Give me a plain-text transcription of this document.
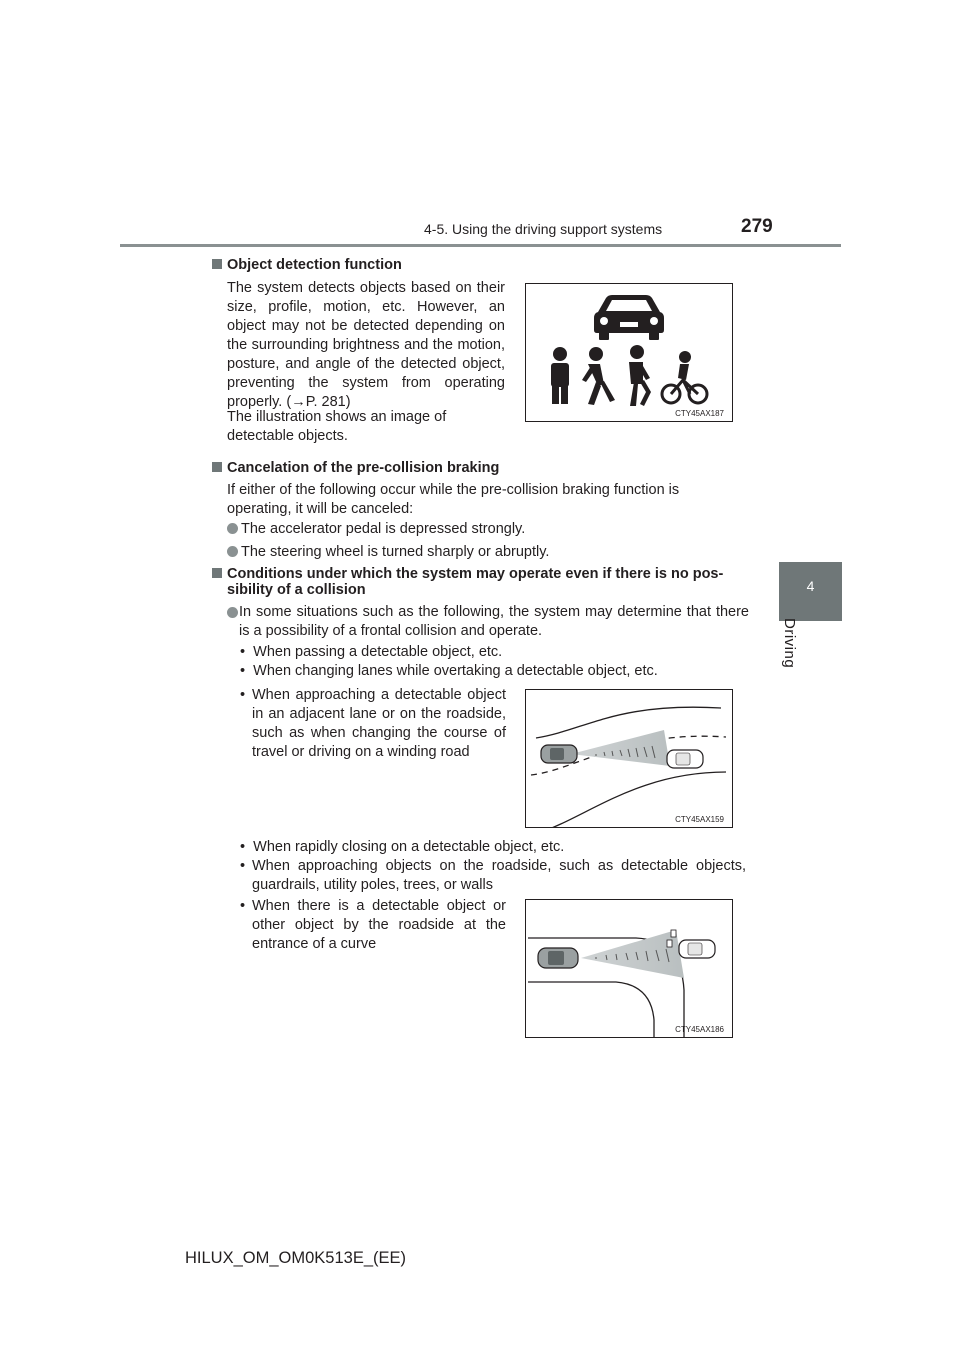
4-5. Using the driving support systems	279
4
Driving
Object detection function
The system detects objects based on their size, profile, motion, etc. However, an object may not be detected depending on the surrounding brightness and the motion, posture, and angle of the detected object, preventing the system from operating properly. (→P. 281)
The illustration shows an image of detectable objects.
CTY45AX187
Cancelation of the pre-collision braking
If either of the following occur while the pre-collision braking function is operating, it will be canceled:
The accelerator pedal is depressed strongly.
The steering wheel is turned sharply or abruptly.
Conditions under which the system may operate even if there is no pos-
sibility of a collision
In some situations such as the following, the system may determine that there is a possibility of a frontal collision and operate.
•  When passing a detectable object, etc.
•  When changing lanes while overtaking a detectable object, etc.
• When approaching a detectable object in an adjacent lane or on the roadside, such as when changing the course of travel or driving on a winding road
CTY45AX159
•  When rapidly closing on a detectable object, etc.
• When approaching objects on the roadside, such as detectable objects, guardrails, utility poles, trees, or walls
• When there is a detectable object or other object by the roadside at the entrance of a curve
CTY45AX186
HILUX_OM_OM0K513E_(EE)
